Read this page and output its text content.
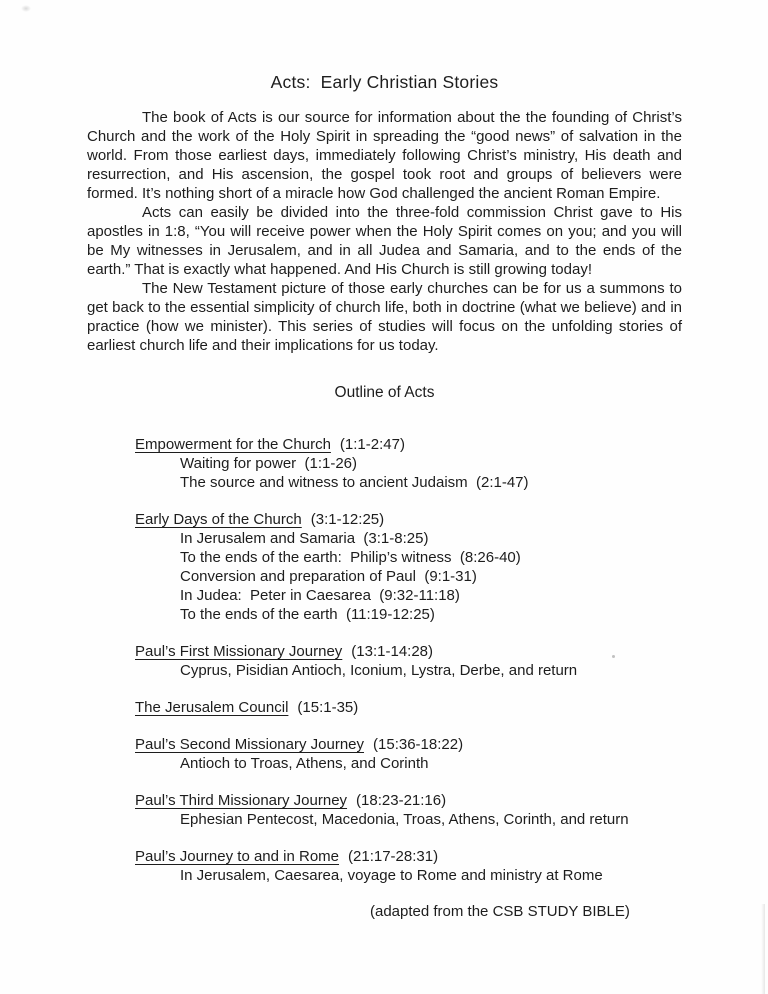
Acts:  Early Christian Stories

The book of Acts is our source for information about the the founding of Christ’s Church and the work of the Holy Spirit in spreading the “good news” of salvation in the world. From those earliest days, immediately following Christ’s ministry, His death and resurrection, and His ascension, the gospel took root and groups of believers were formed. It’s nothing short of a miracle how God challenged the ancient Roman Empire.

Acts can easily be divided into the three-fold commission Christ gave to His apostles in 1:8, “You will receive power when the Holy Spirit comes on you; and you will be My witnesses in Jerusalem, and in all Judea and Samaria, and to the ends of the earth.” That is exactly what happened. And His Church is still growing today!

The New Testament picture of those early churches can be for us a summons to get back to the essential simplicity of church life, both in doctrine (what we believe) and in practice (how we minister). This series of studies will focus on the unfolding stories of earliest church life and their implications for us today.

Outline of Acts
Empowerment for the Church (1:1-2:47)
Waiting for power  (1:1-26)
The source and witness to ancient Judaism  (2:1-47)
Early Days of the Church (3:1-12:25)
In Jerusalem and Samaria  (3:1-8:25)
To the ends of the earth:  Philip’s witness  (8:26-40)
Conversion and preparation of Paul  (9:1-31)
In Judea:  Peter in Caesarea  (9:32-11:18)
To the ends of the earth  (11:19-12:25)
Paul’s First Missionary Journey (13:1-14:28)
Cyprus, Pisidian Antioch, Iconium, Lystra, Derbe, and return
The Jerusalem Council (15:1-35)
Paul’s Second Missionary Journey (15:36-18:22)
Antioch to Troas, Athens, and Corinth
Paul’s Third Missionary Journey (18:23-21:16)
Ephesian Pentecost, Macedonia, Troas, Athens, Corinth, and return
Paul’s Journey to and in Rome (21:17-28:31)
In Jerusalem, Caesarea, voyage to Rome and ministry at Rome
(adapted from the CSB STUDY BIBLE)
